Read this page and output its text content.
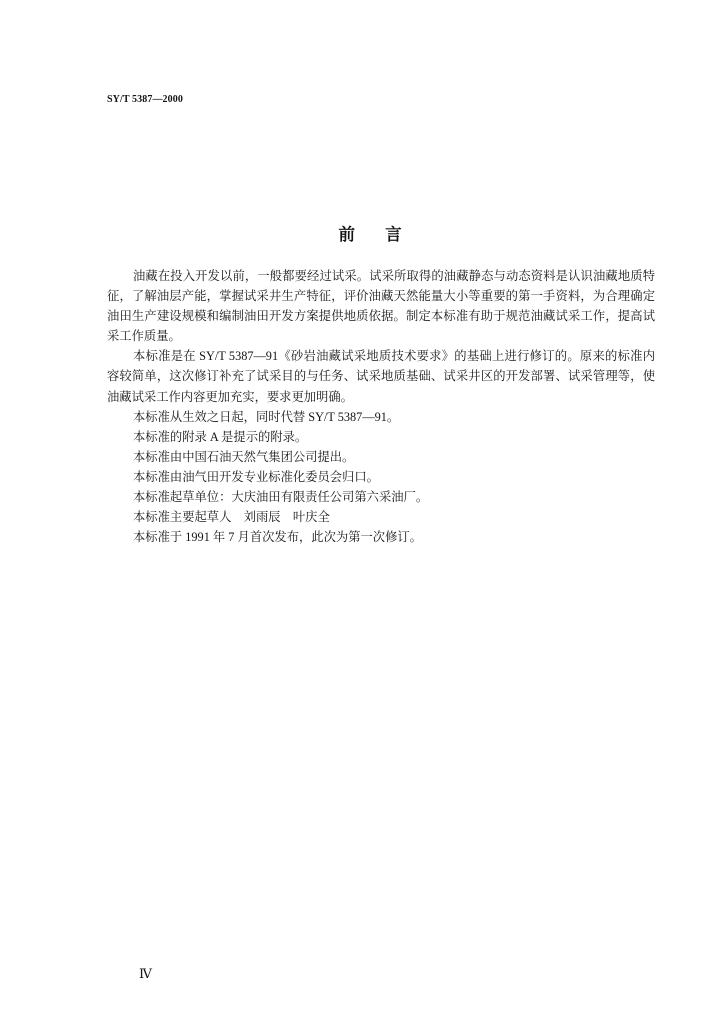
SY/T 5387—2000
前 言
油藏在投入开发以前，一般都要经过试采。试采所取得的油藏静态与动态资料是认识油藏地质特
征，了解油层产能，掌握试采井生产特征，评价油藏天然能量大小等重要的第一手资料，为合理确定
油田生产建设规模和编制油田开发方案提供地质依据。制定本标准有助于规范油藏试采工作，提高试
采工作质量。
本标准是在 SY/T 5387—91《砂岩油藏试采地质技术要求》的基础上进行修订的。原来的标准内
容较简单，这次修订补充了试采目的与任务、试采地质基础、试采井区的开发部署、试采管理等，使
油藏试采工作内容更加充实，要求更加明确。
本标准从生效之日起，同时代替 SY/T 5387—91。
本标准的附录 A 是提示的附录。
本标准由中国石油天然气集团公司提出。
本标准由油气田开发专业标准化委员会归口。
本标准起草单位：大庆油田有限责任公司第六采油厂。
本标准主要起草人　刘雨辰　叶庆全
本标准于 1991 年 7 月首次发布，此次为第一次修订。
Ⅳ
